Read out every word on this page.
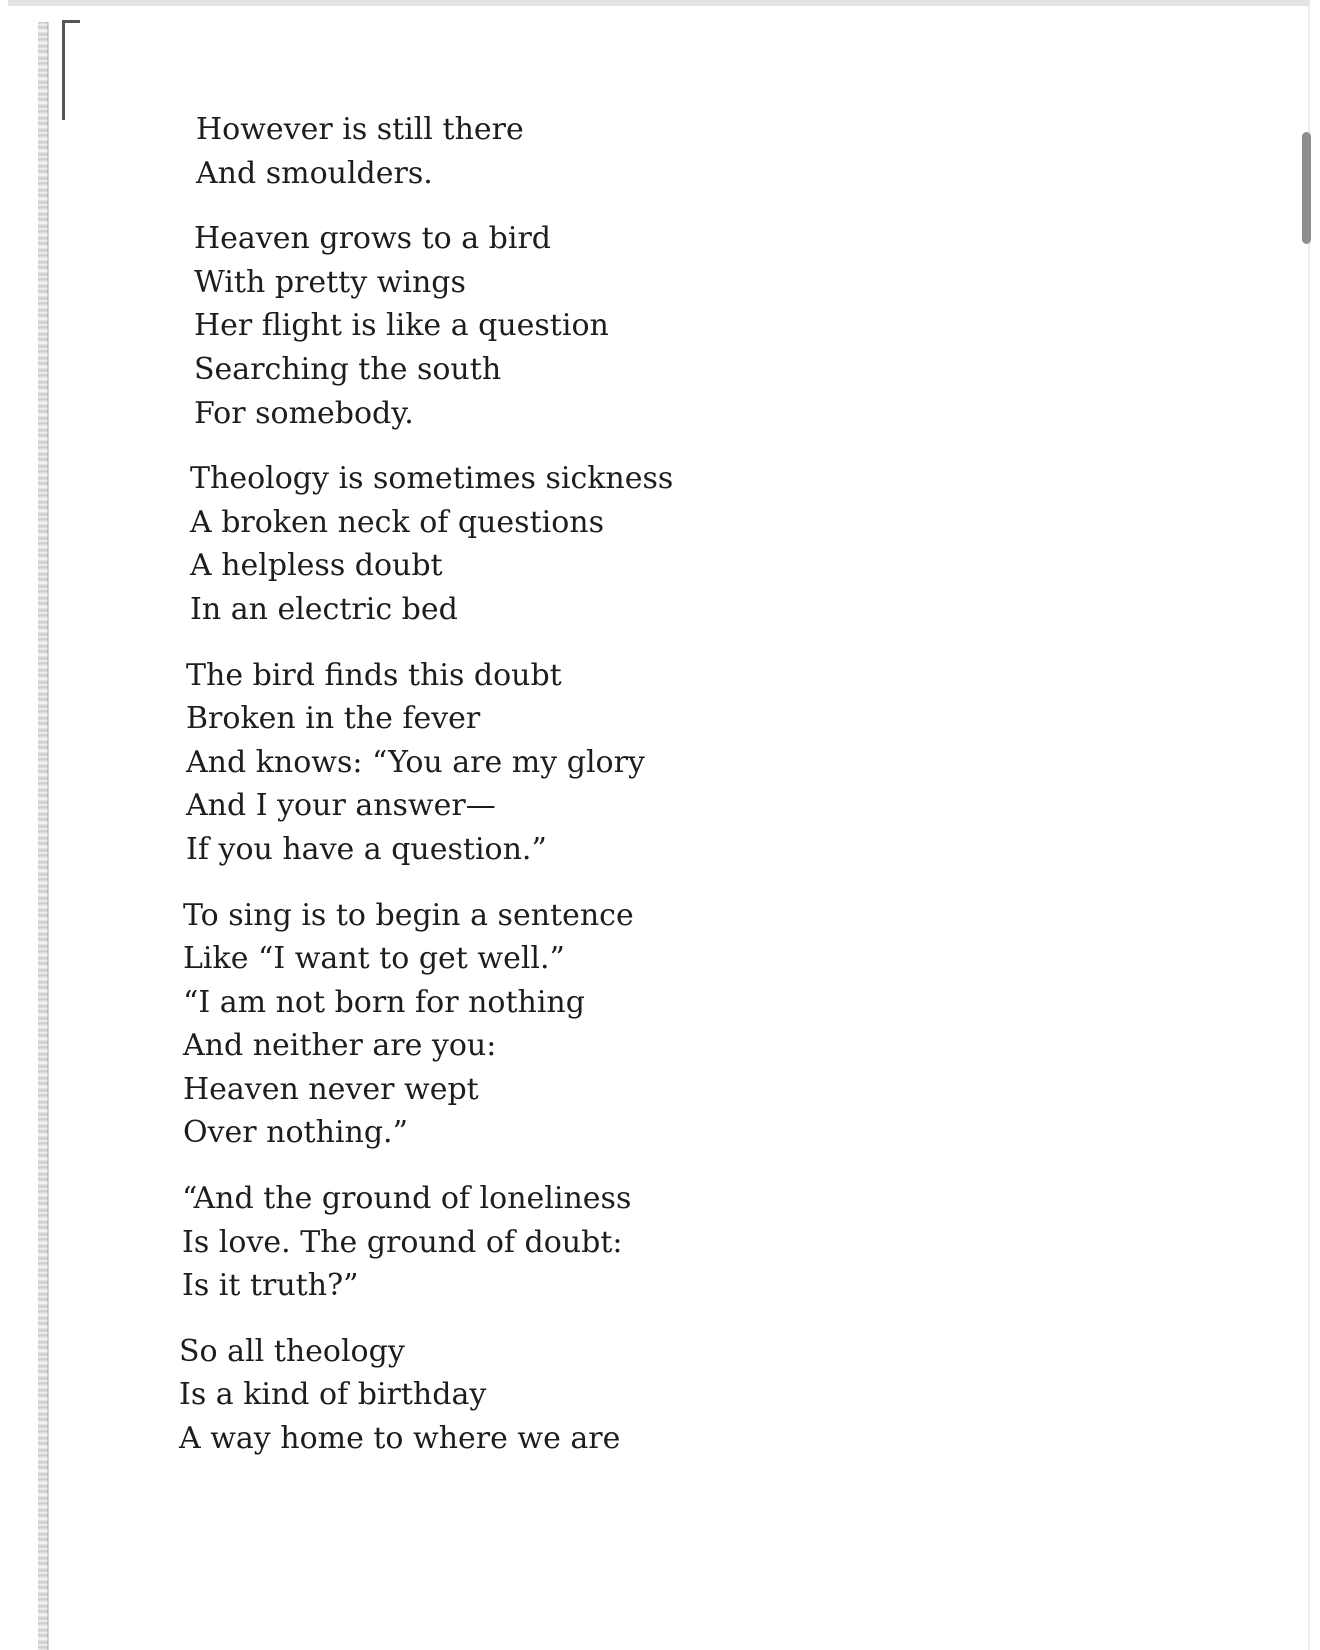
However is still there
And smoulders.
Heaven grows to a bird
With pretty wings
Her flight is like a question
Searching the south
For somebody.
Theology is sometimes sickness
A broken neck of questions
A helpless doubt
In an electric bed
The bird finds this doubt
Broken in the fever
And knows: “You are my glory
And I your answer—
If you have a question.”
To sing is to begin a sentence
Like “I want to get well.”
“I am not born for nothing
And neither are you:
Heaven never wept
Over nothing.”
“And the ground of loneliness
Is love. The ground of doubt:
Is it truth?”
So all theology
Is a kind of birthday
A way home to where we are
